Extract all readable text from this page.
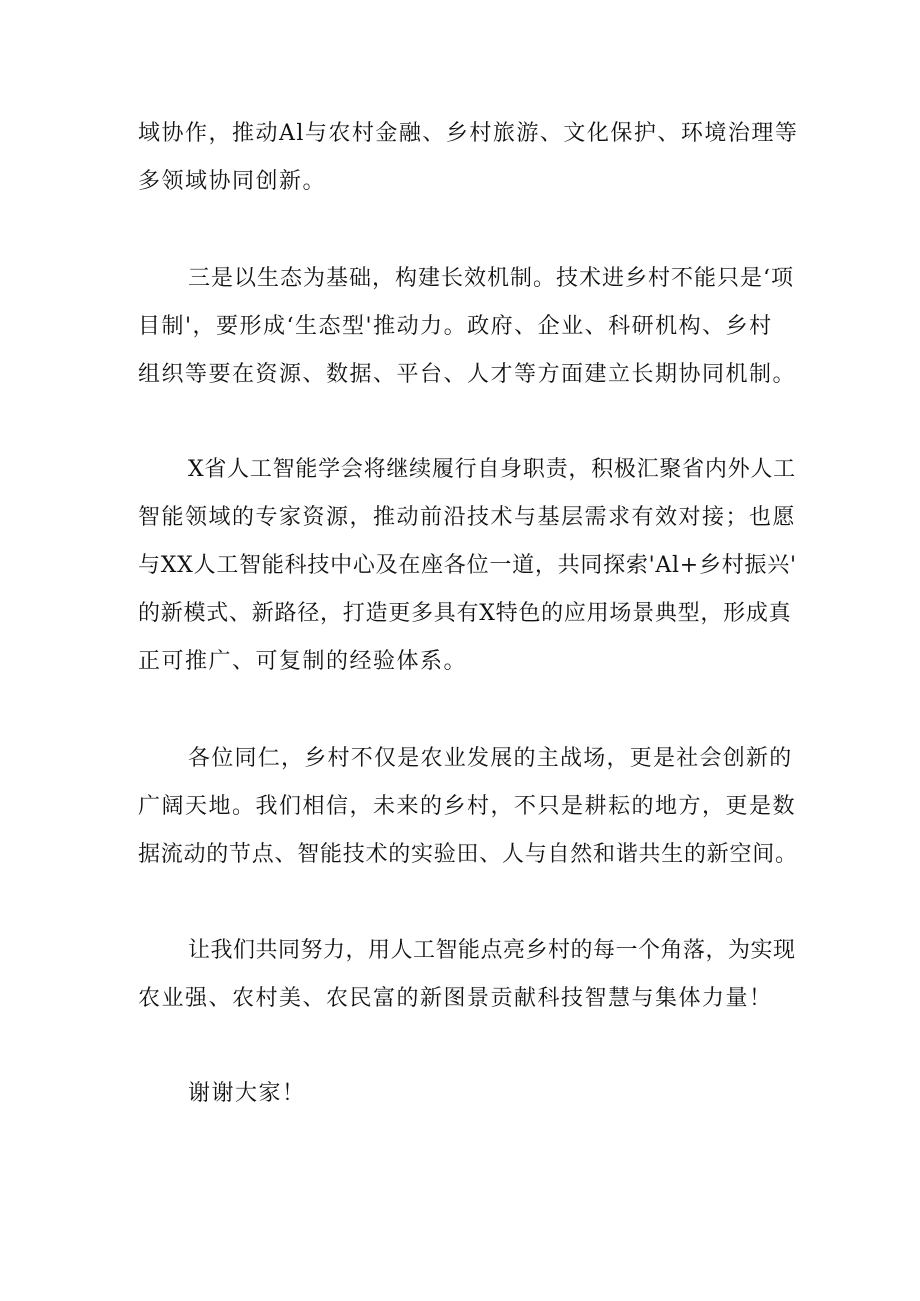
域协作，推动Al与农村金融、乡村旅游、文化保护、环境治理等
多领域协同创新。

三是以生态为基础，构建长效机制。技术进乡村不能只是‘项
目制'，要形成‘生态型'推动力。政府、企业、科研机构、乡村
组织等要在资源、数据、平台、人才等方面建立长期协同机制。

X省人工智能学会将继续履行自身职责，积极汇聚省内外人工
智能领域的专家资源，推动前沿技术与基层需求有效对接；也愿
与XX人工智能科技中心及在座各位一道，共同探索'Al+乡村振兴'
的新模式、新路径，打造更多具有X特色的应用场景典型，形成真
正可推广、可复制的经验体系。

各位同仁，乡村不仅是农业发展的主战场，更是社会创新的
广阔天地。我们相信，未来的乡村，不只是耕耘的地方，更是数
据流动的节点、智能技术的实验田、人与自然和谐共生的新空间。

让我们共同努力，用人工智能点亮乡村的每一个角落，为实现
农业强、农村美、农民富的新图景贡献科技智慧与集体力量！

谢谢大家！
